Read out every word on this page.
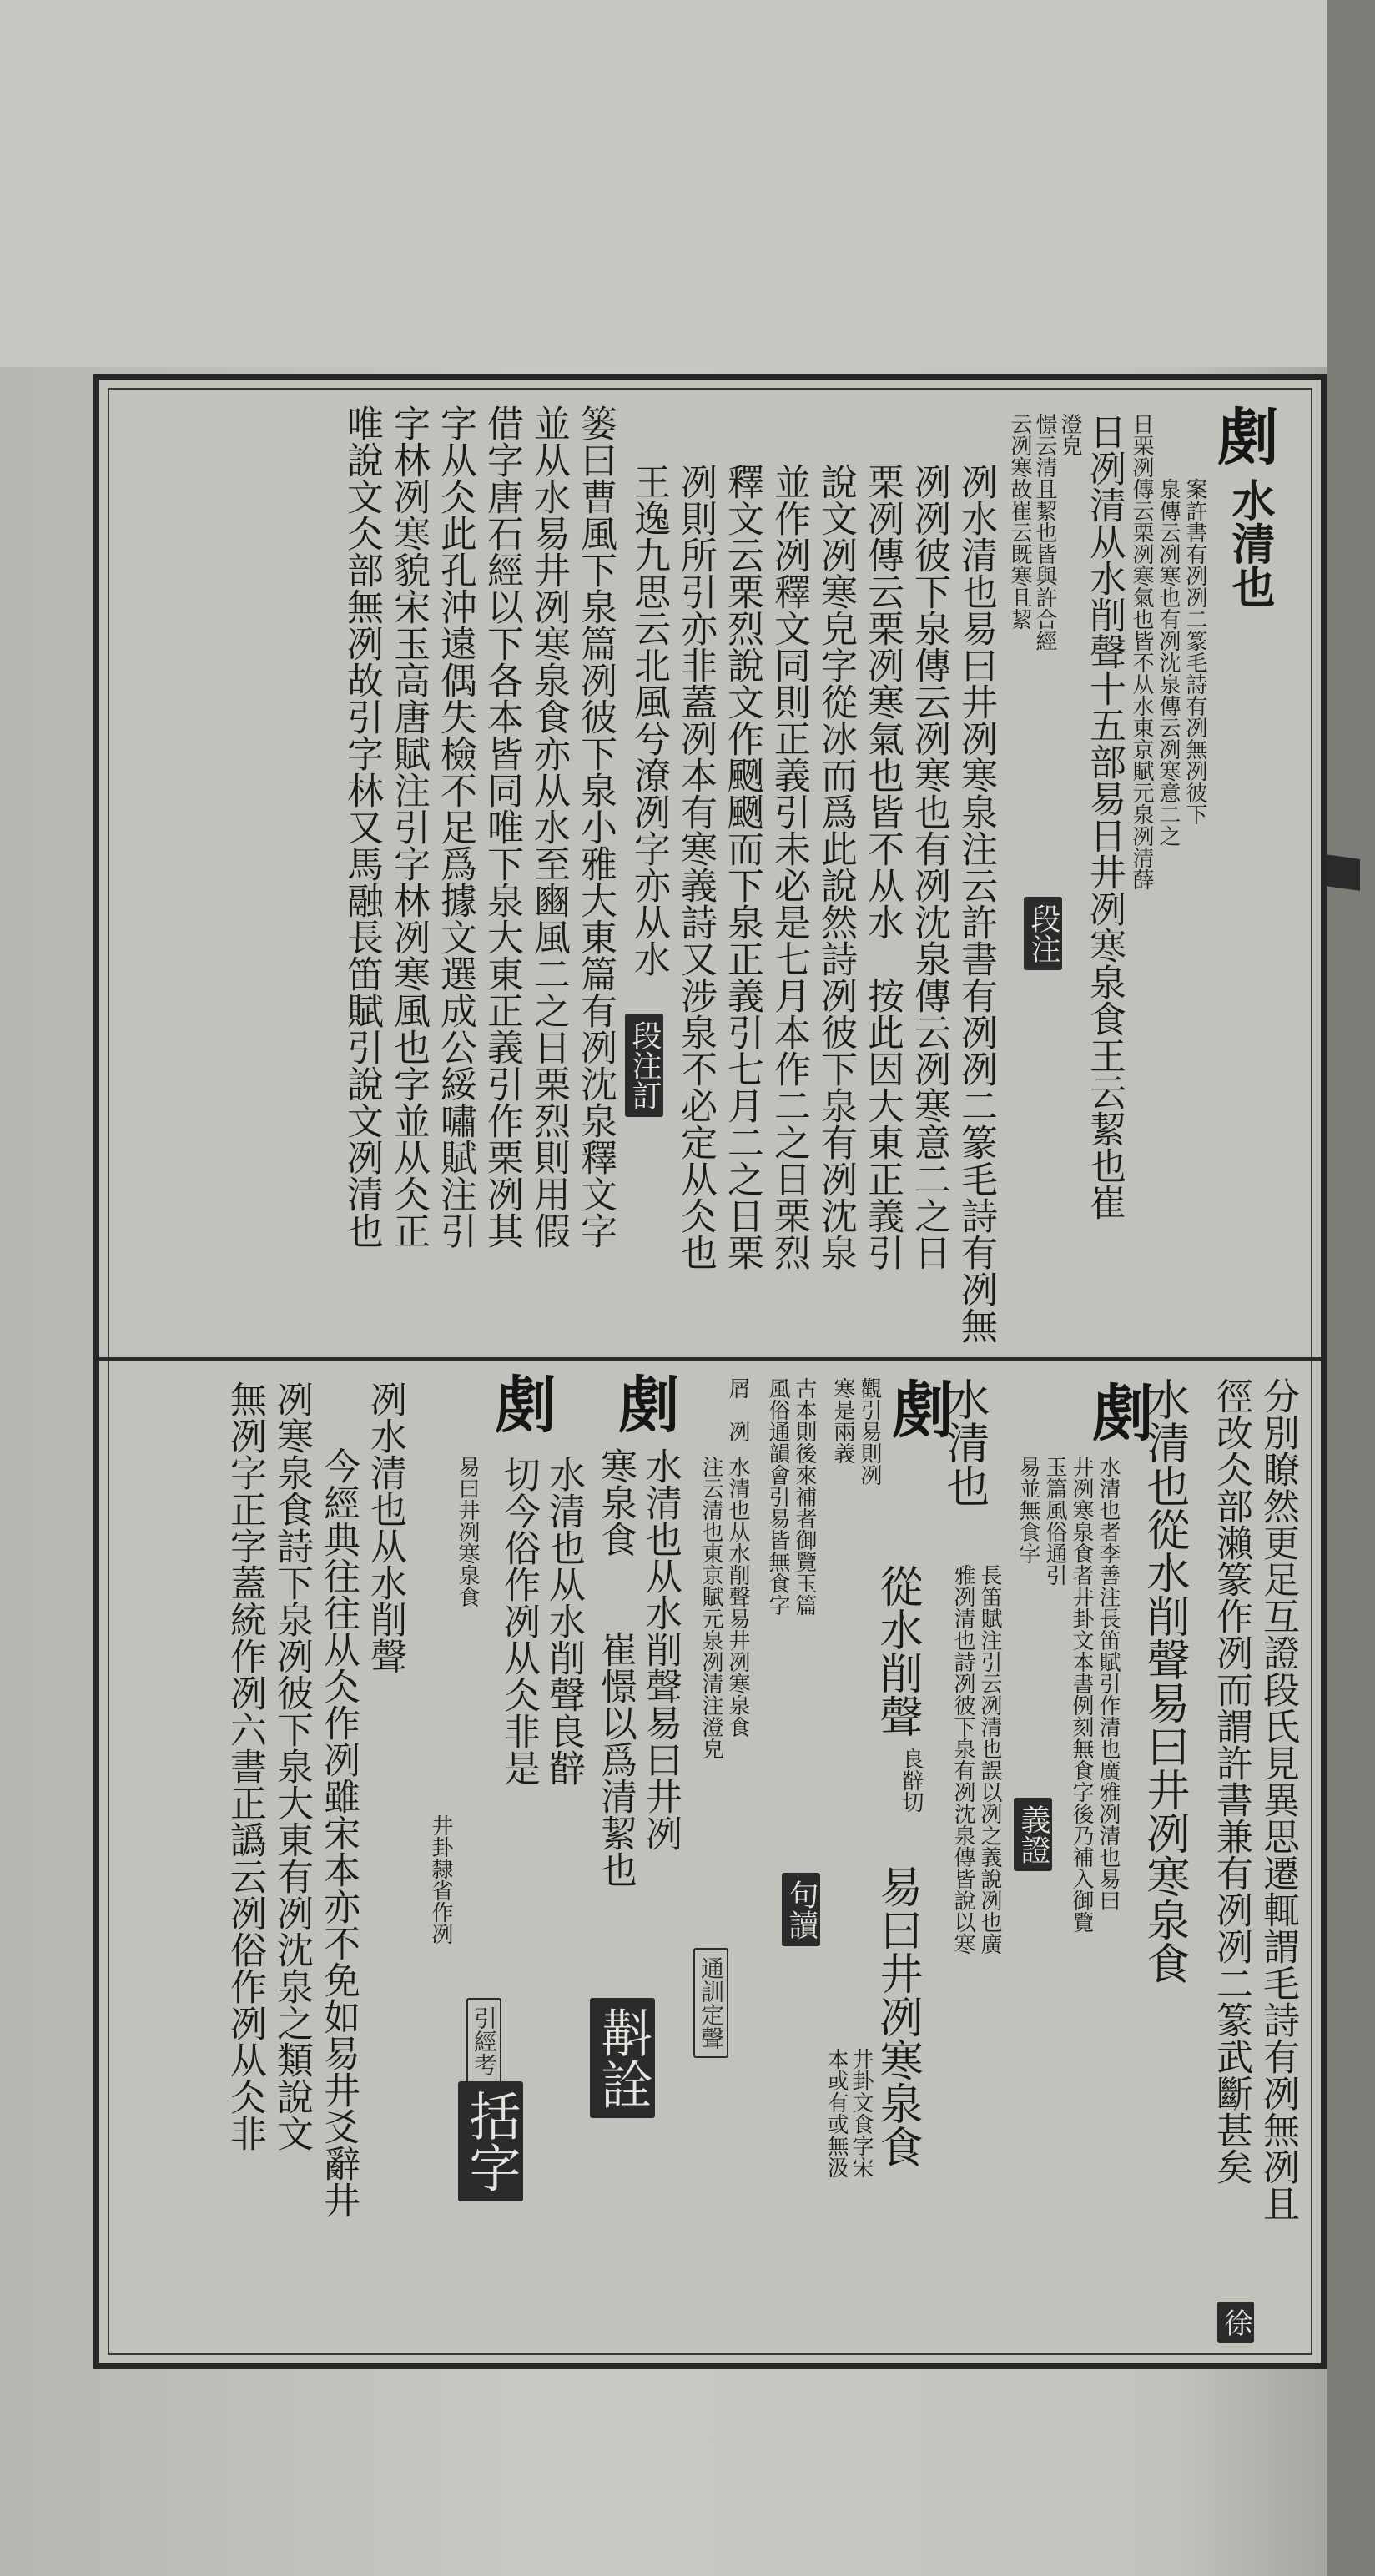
㓺
水清也
案許書有冽冽二篆毛詩有冽無冽彼下
泉傳云冽寒也有冽沈泉傳云冽寒意二之
日栗冽傳云栗冽寒氣也皆不从水東京賦元泉冽清薛
日冽清从水削聲十五部易日井冽寒泉食王云絜也崔
澄皃
憬云清且絜也皆與許合經
云冽寒故崔云既寒且絜
段注
冽水清也易曰井冽寒泉注云許書有冽冽二篆毛詩有冽無
冽冽彼下泉傳云冽寒也有冽沈泉傳云冽寒意二之日
栗冽傳云栗冽寒氣也皆不从水　按此因大東正義引
說文冽寒皃字從冰而爲此說然詩冽彼下泉有冽沈泉
並作冽釋文同則正義引未必是七月本作二之日栗烈
釋文云栗烈說文作颲颲而下泉正義引七月二之日栗
冽則所引亦非蓋冽本有寒義詩又涉泉不必定从仌也
王逸九思云北風兮潦冽字亦从水
段注訂
篓曰曹風下泉篇冽彼下泉小雅大東篇有冽沈泉釋文字
並从水易井冽寒泉食亦从水至豳風二之日栗烈則用假
借字唐石經以下各本皆同唯下泉大東正義引作栗冽其
字从仌此孔沖遠偶失檢不足爲據文選成公綏嘯賦注引
字林冽寒貌宋玉高唐賦注引字林冽寒風也字並从仌正
唯說文仌部無冽故引字林又馬融長笛賦引說文冽清也
分別瞭然更足互證段氏見異思遷輒謂毛詩有冽無冽且
徑改仌部瀨篆作冽而謂許書兼有冽冽二篆武斷甚矣
徐
㓺
水清也從水削聲易曰井冽寒泉食
水清也者李善注長笛賦引作清也廣雅冽清也易曰
井冽寒泉食者井卦文本書例刻無食字後乃補入御覽
玉篇風俗通引
易並無食字
義證
㓺
水清也
長笛賦注引云冽清也誤以冽之義說冽也廣
雅冽清也詩冽彼下泉有冽沈泉傳皆說以寒
觀引易則冽
寒是兩義
從水削聲
良辥切
易曰井冽寒泉食
井卦文食字宋
本或有或無汲
古本則後來補者御覽玉篇
風俗通韻會引易皆無食字
句讀
屑　冽
水清也从水削聲易井冽寒泉食
注云清也東京賦元泉冽清注澄皃
通訓定聲
㓺
水清也从水削聲易曰井冽
寒泉食
崔憬以爲清絜也
斠詮
㓺
水清也从水削聲良辥
切今俗作冽从仌非是
易曰井冽寒泉食
井卦隸省作冽
引經考
括字
冽水清也从水削聲
今經典往往从仌作冽雖宋本亦不免如易井爻辭井
冽寒泉食詩下泉冽彼下泉大東有冽沈泉之類說文
無冽字正字蓋統作冽六書正譌云冽俗作冽从仌非
